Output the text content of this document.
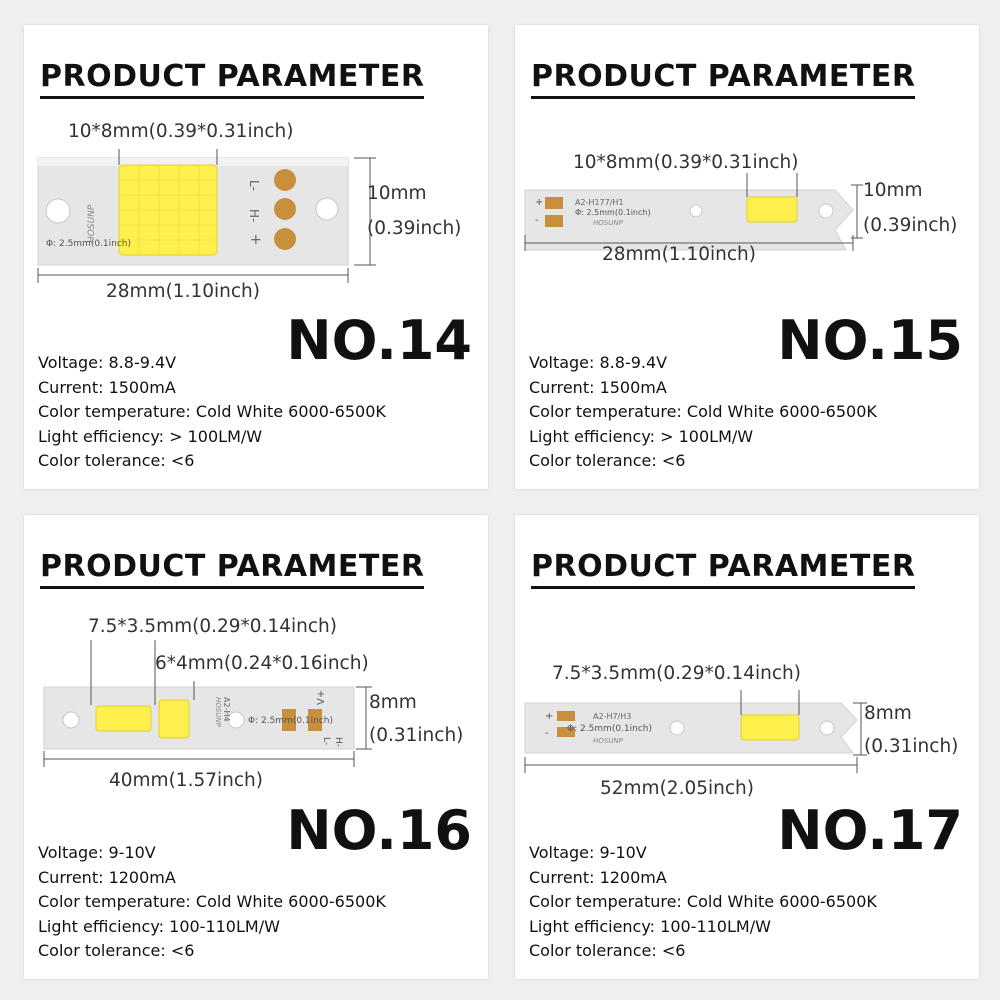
PRODUCT PARAMETER
L-
H-
+
HOSUNP
Φ: 2.5mm(0.1inch)
10*8mm(0.39*0.31inch)
10mm
(0.39inch)
28mm(1.10inch)
NO.14
Voltage: 8.8-9.4V
Current: 1500mA
Color temperature: Cold White 6000-6500K
Light efficiency: > 100LM/W
Color tolerance: <6
PRODUCT PARAMETER
+
-
A2-H177/H1
Φ: 2.5mm(0.1inch)
HOSUNP
10*8mm(0.39*0.31inch)
10mm
(0.39inch)
28mm(1.10inch)
NO.15
Voltage: 8.8-9.4V
Current: 1500mA
Color temperature: Cold White 6000-6500K
Light efficiency: > 100LM/W
Color tolerance: <6
PRODUCT PARAMETER
A2-H4
HOSUNP	Φ: 2.5mm(0.1inch)
V+
L- H-
7.5*3.5mm(0.29*0.14inch)
6*4mm(0.24*0.16inch)
8mm
(0.31inch)
40mm(1.57inch)
NO.16
Voltage: 9-10V
Current: 1200mA
Color temperature: Cold White 6000-6500K
Light efficiency: 100-110LM/W
Color tolerance: <6
PRODUCT PARAMETER
+
-
A2-H7/H3
Φ: 2.5mm(0.1inch)
HOSUNP
7.5*3.5mm(0.29*0.14inch)
8mm
(0.31inch)
52mm(2.05inch)
NO.17
Voltage: 9-10V
Current: 1200mA
Color temperature: Cold White 6000-6500K
Light efficiency: 100-110LM/W
Color tolerance: <6
